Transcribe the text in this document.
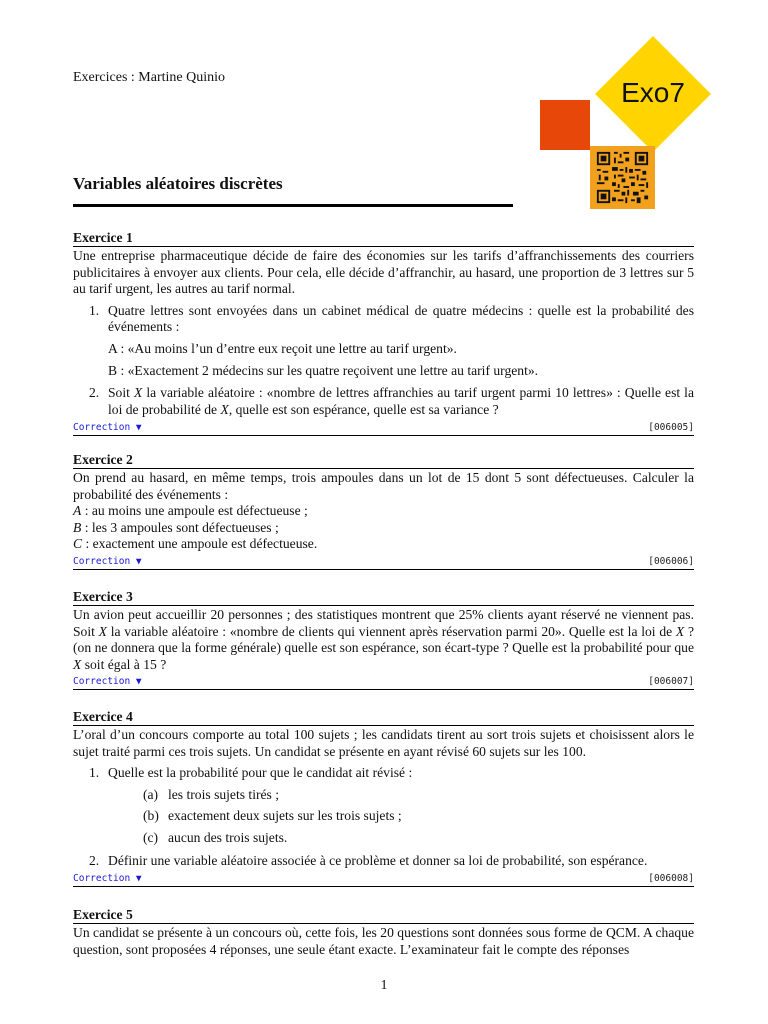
Exercices : Martine Quinio	Exo7
Variables aléatoires discrètes
Exercice 1

Une entreprise pharmaceutique décide de faire des économies sur les tarifs d’affranchissements des courriers publicitaires à envoyer aux clients. Pour cela, elle décide d’affranchir, au hasard, une proportion de 3 lettres sur 5 au tarif urgent, les autres au tarif normal.

1. Quatre lettres sont envoyées dans un cabinet médical de quatre médecins : quelle est la probabilité des événements :
A : «Au moins l’un d’entre eux reçoit une lettre au tarif urgent».
B : «Exactement 2 médecins sur les quatre reçoivent une lettre au tarif urgent».
2. Soit X la variable aléatoire : «nombre de lettres affranchies au tarif urgent parmi 10 lettres» : Quelle est la loi de probabilité de X, quelle est son espérance, quelle est sa variance ?
Correction ▼	[006005]
Exercice 2

On prend au hasard, en même temps, trois ampoules dans un lot de 15 dont 5 sont défectueuses. Calculer la probabilité des événements :

A : au moins une ampoule est défectueuse ;

B : les 3 ampoules sont défectueuses ;

C : exactement une ampoule est défectueuse.

Correction ▼	[006006]
Exercice 3

Un avion peut accueillir 20 personnes ; des statistiques montrent que 25% clients ayant réservé ne viennent pas. Soit X la variable aléatoire : «nombre de clients qui viennent après réservation parmi 20». Quelle est la loi de X ? (on ne donnera que la forme générale) quelle est son espérance, son écart-type ? Quelle est la probabilité pour que X soit égal à 15 ?

Correction ▼	[006007]
Exercice 4

L’oral d’un concours comporte au total 100 sujets ; les candidats tirent au sort trois sujets et choisissent alors le sujet traité parmi ces trois sujets. Un candidat se présente en ayant révisé 60 sujets sur les 100.

1. Quelle est la probabilité pour que le candidat ait révisé :
(a) les trois sujets tirés ;
(b) exactement deux sujets sur les trois sujets ;
(c) aucun des trois sujets.
2. Définir une variable aléatoire associée à ce problème et donner sa loi de probabilité, son espérance.
Correction ▼	[006008]
Exercice 5

Un candidat se présente à un concours où, cette fois, les 20 questions sont données sous forme de QCM. A chaque question, sont proposées 4 réponses, une seule étant exacte. L’examinateur fait le compte des réponses

1
